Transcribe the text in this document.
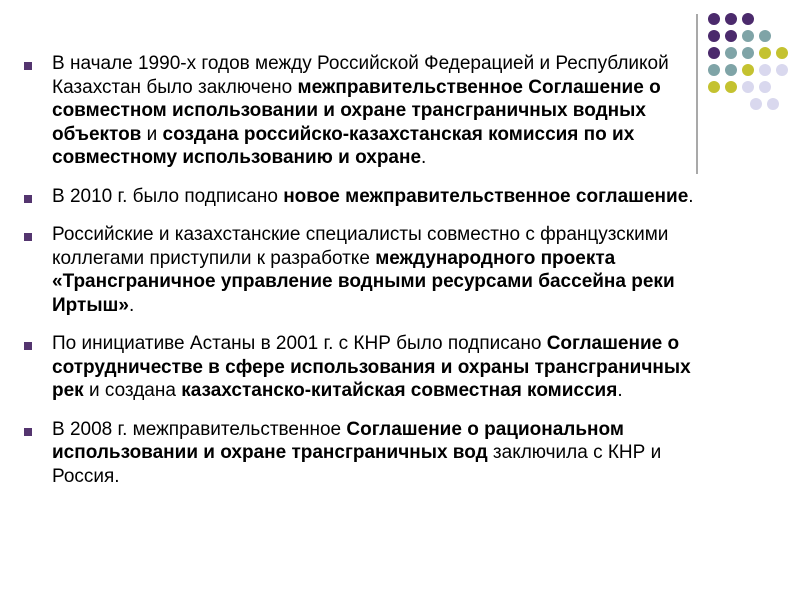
В начале 1990-х годов между Российской Федерацией и Республикой Казахстан было заключено межправительственное Соглашение о совместном использовании и охране трансграничных водных объектов и создана российско-казахстанская комиссия по их совместному использованию и охране.
В 2010 г. было подписано новое межправительственное соглашение.
Российские и казахстанские специалисты совместно с французскими коллегами приступили к разработке международного проекта «Трансграничное управление водными ресурсами бассейна реки Иртыш».
По инициативе Астаны в 2001 г. с КНР было подписано Соглашение о сотрудничестве в сфере использования и охраны трансграничных рек и создана казахстанско-китайская совместная комиссия.
В 2008 г. межправительственное Соглашение о рациональном использовании и охране трансграничных вод заключила с КНР и Россия.
